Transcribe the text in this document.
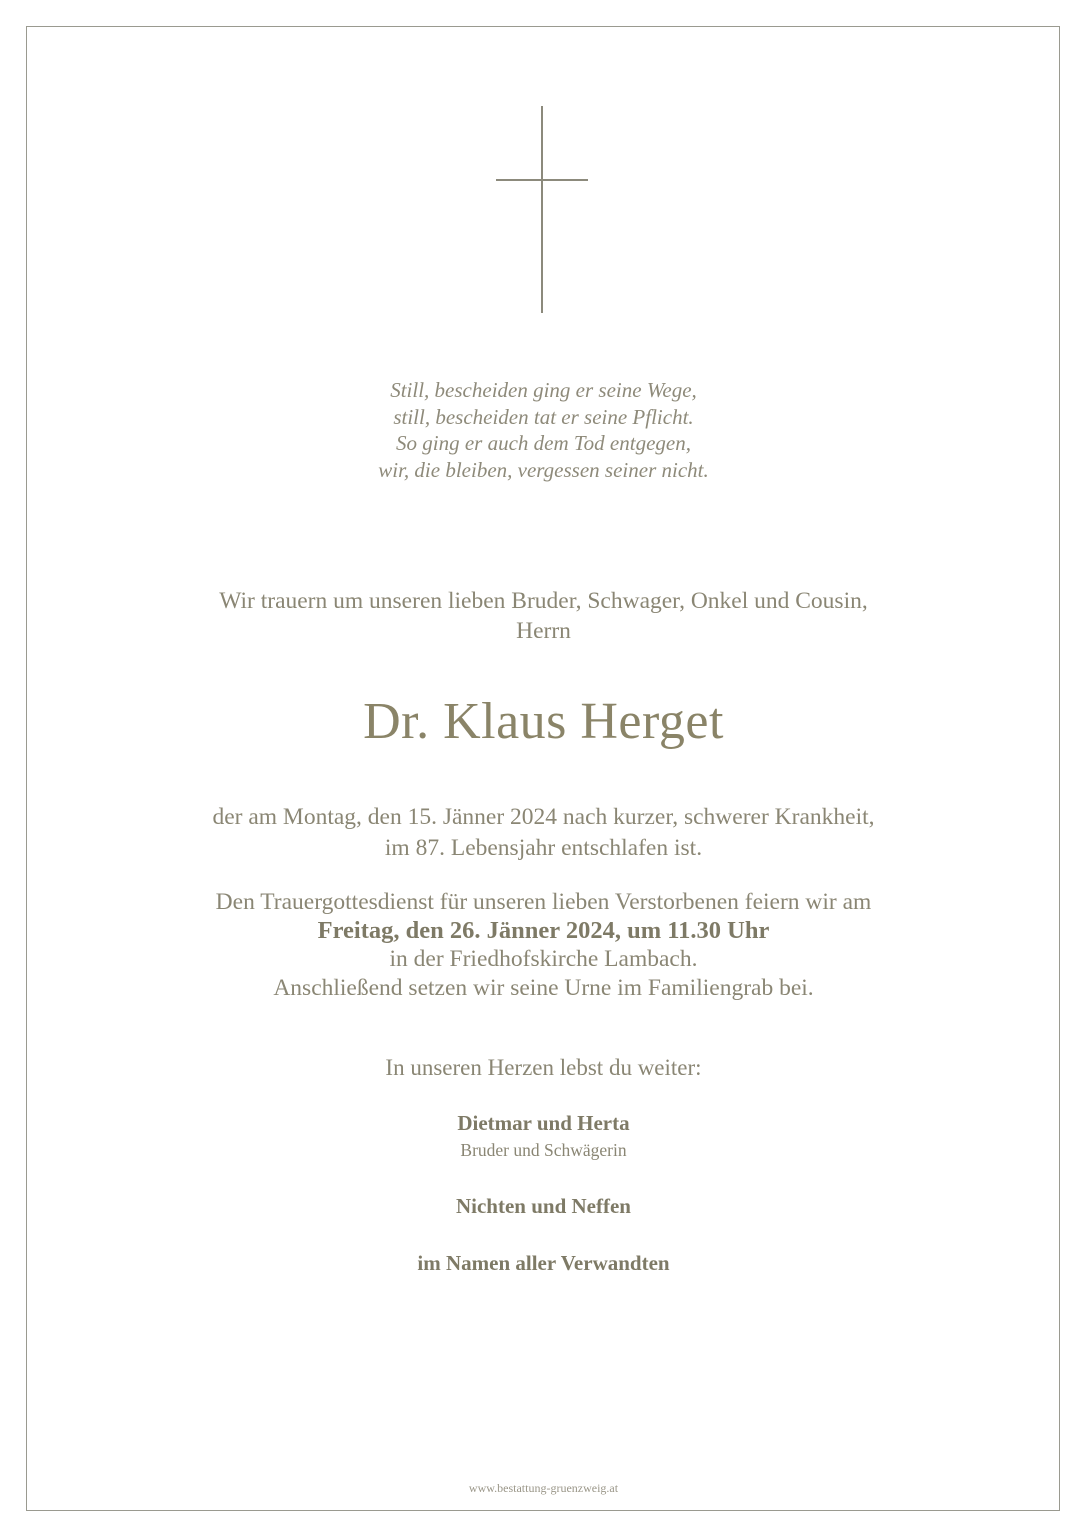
Still, bescheiden ging er seine Wege,
still, bescheiden tat er seine Pflicht.
So ging er auch dem Tod entgegen,
wir, die bleiben, vergessen seiner nicht.
Wir trauern um unseren lieben Bruder, Schwager, Onkel und Cousin,
Herrn
Dr. Klaus Herget
der am Montag, den 15. Jänner 2024 nach kurzer, schwerer Krankheit,
im 87. Lebensjahr entschlafen ist.
Den Trauergottesdienst für unseren lieben Verstorbenen feiern wir am
Freitag, den 26. Jänner 2024, um 11.30 Uhr
in der Friedhofskirche Lambach.
Anschließend setzen wir seine Urne im Familiengrab bei.
In unseren Herzen lebst du weiter:
Dietmar und Herta
Bruder und Schwägerin
Nichten und Neffen
im Namen aller Verwandten
www.bestattung-gruenzweig.at
